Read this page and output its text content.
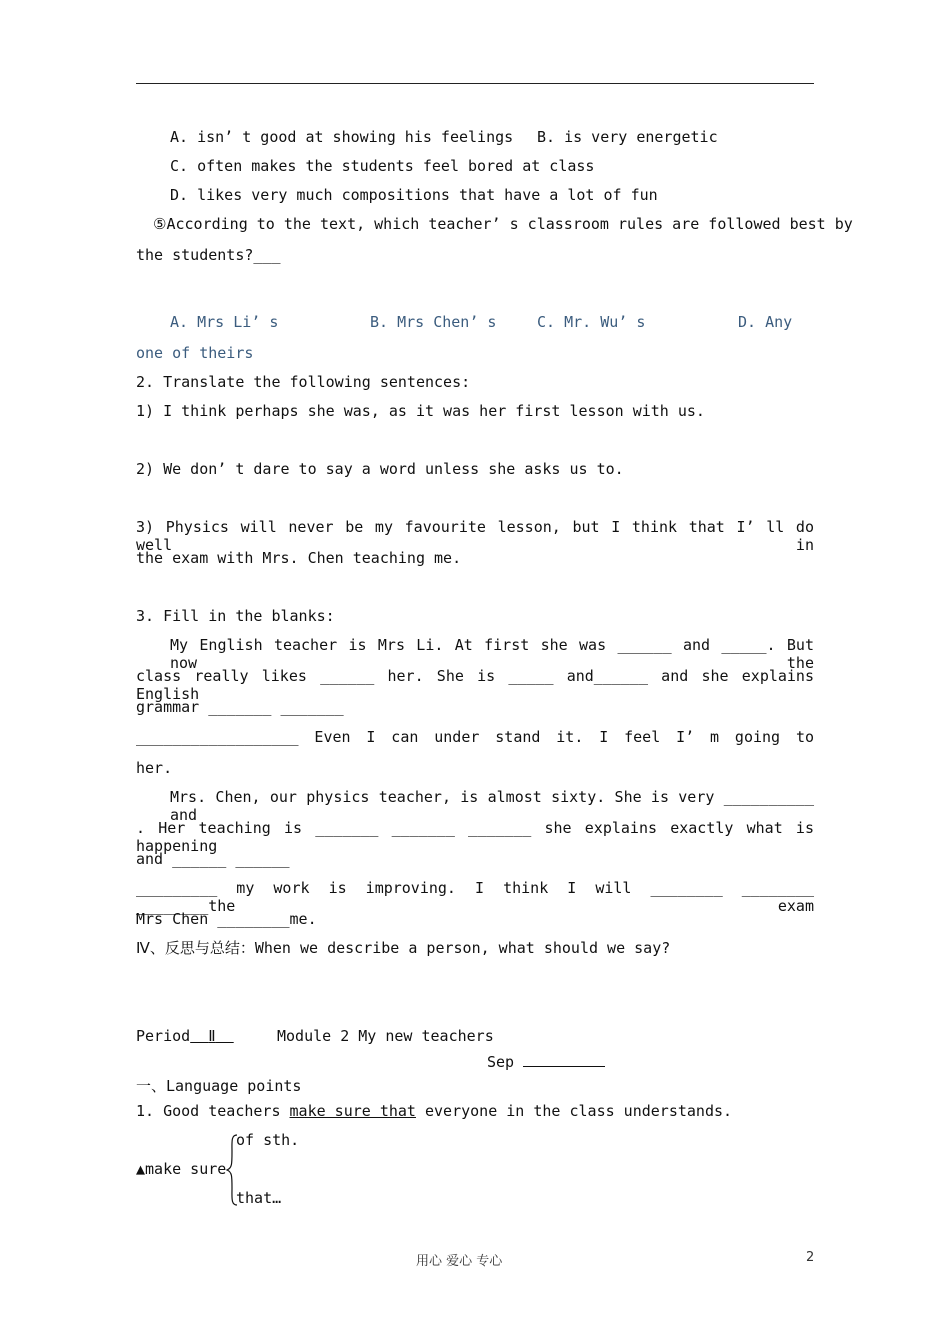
A. isn’ t good at showing his feelings	B. is very energetic
C. often makes the students feel bored at class
D. likes very much compositions that have a lot of fun
⑤According to the text, which teacher’ s classroom rules are followed best by
the students?___
A. Mrs Li’ s	B. Mrs Chen’ s	C. Mr. Wu’ s	D. Any
one of theirs
2. Translate the following sentences:
1) I think perhaps she was, as it was her first lesson with us.
2) We don’ t dare to say a word unless she asks us to.
3) Physics will never be my favourite lesson, but I think that I’ ll do well in
the exam with Mrs. Chen teaching me.
3. Fill in the blanks:
My English teacher is Mrs Li. At first she was ______ and _____. But now the
class really likes ______ her. She is _____ and______ and she explains English
grammar _______ _______
__________________ Even I can under stand it. I feel I’ m going to
her.
Mrs. Chen, our physics teacher, is almost sixty. She is very __________ and
. Her teaching is _______ _______ _______ she explains exactly what is happening
and ______ ______
_________ my work is improving. I think I will ________ ________ ________the exam
Mrs Chen ________me.
Ⅳ、反思与总结：When we describe a person, what should we say?
Period Ⅱ	Module 2 My new teachers
Sep
一、Language points
1. Good teachers make sure that everyone in the class understands.
of sth.
▲make sure
that…
用心 爱心 专心	2
